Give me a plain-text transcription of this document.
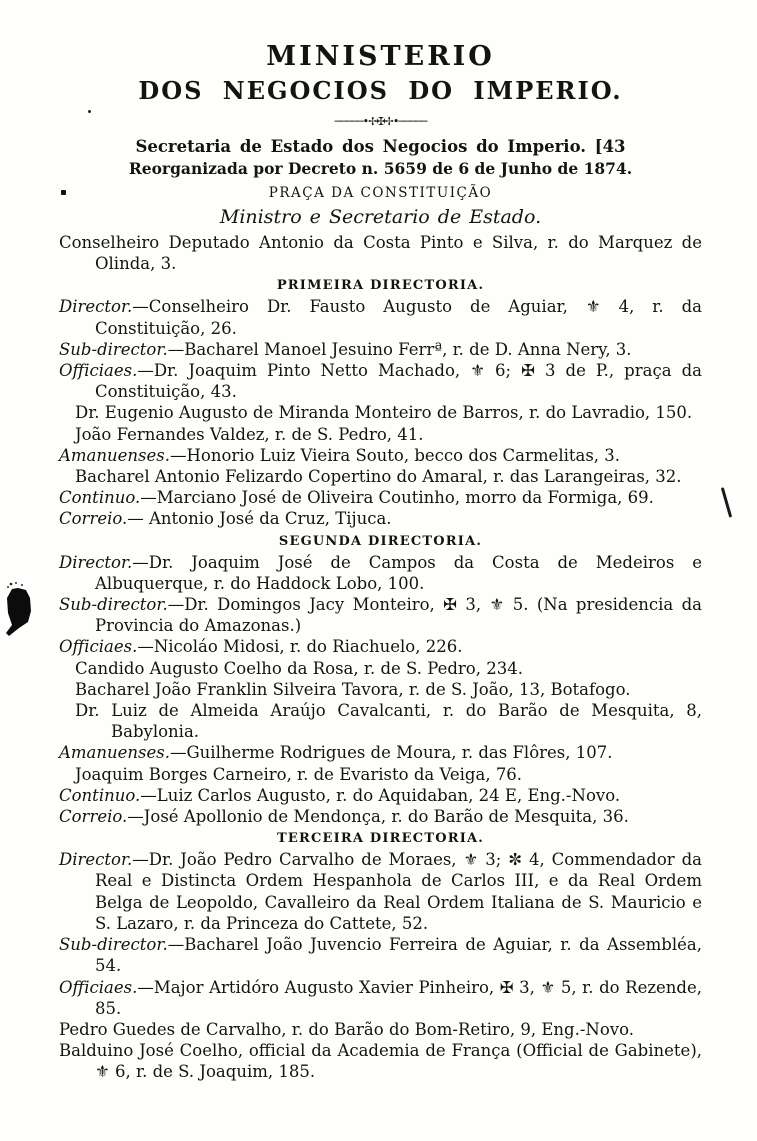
MINISTERIO
DOS NEGOCIOS DO IMPERIO.
─────•✢✠✢•─────
Secretaria de Estado dos Negocios do Imperio. [43
Reorganizada por Decreto n. 5659 de 6 de Junho de 1874.
PRAÇA DA CONSTITUIÇÃO
Ministro e Secretario de Estado.

Conselheiro Deputado Antonio da Costa Pinto e Silva, r. do Marquez de Olinda, 3.

PRIMEIRA DIRECTORIA.

Director.—Conselheiro Dr. Fausto Augusto de Aguiar, ⚜ 4, r. da Constituição, 26.

Sub-director.—Bacharel Manoel Jesuino Ferrª, r. de D. Anna Nery, 3.

Officiaes.—Dr. Joaquim Pinto Netto Machado, ⚜ 6; ✠ 3 de P., praça da Constituição, 43.

Dr. Eugenio Augusto de Miranda Monteiro de Barros, r. do Lavradio, 150.

João Fernandes Valdez, r. de S. Pedro, 41.

Amanuenses.—Honorio Luiz Vieira Souto, becco dos Carmelitas, 3.

Bacharel Antonio Felizardo Copertino do Amaral, r. das Larangeiras, 32.

Continuo.—Marciano José de Oliveira Coutinho, morro da Formiga, 69.

Correio.— Antonio José da Cruz, Tijuca.

SEGUNDA DIRECTORIA.

Director.—Dr. Joaquim José de Campos da Costa de Medeiros e Albuquerque, r. do Haddock Lobo, 100.

Sub-director.—Dr. Domingos Jacy Monteiro, ✠ 3, ⚜ 5. (Na presidencia da Provincia do Amazonas.)

Officiaes.—Nicoláo Midosi, r. do Riachuelo, 226.

Candido Augusto Coelho da Rosa, r. de S. Pedro, 234.

Bacharel João Franklin Silveira Tavora, r. de S. João, 13, Botafogo.

Dr. Luiz de Almeida Araújo Cavalcanti, r. do Barão de Mesquita, 8, Babylonia.

Amanuenses.—Guilherme Rodrigues de Moura, r. das Flôres, 107.

Joaquim Borges Carneiro, r. de Evaristo da Veiga, 76.

Continuo.—Luiz Carlos Augusto, r. do Aquidaban, 24 E, Eng.-Novo.

Correio.—José Apollonio de Mendonça, r. do Barão de Mesquita, 36.

TERCEIRA DIRECTORIA.

Director.—Dr. João Pedro Carvalho de Moraes, ⚜ 3; ✼ 4, Commendador da Real e Distincta Ordem Hespanhola de Carlos III, e da Real Ordem Belga de Leopoldo, Cavalleiro da Real Ordem Italiana de S. Mauricio e S. Lazaro, r. da Princeza do Cattete, 52.

Sub-director.—Bacharel João Juvencio Ferreira de Aguiar, r. da Assembléa, 54.

Officiaes.—Major Artidóro Augusto Xavier Pinheiro, ✠ 3, ⚜ 5, r. do Rezende, 85.

Pedro Guedes de Carvalho, r. do Barão do Bom-Retiro, 9, Eng.-Novo.

Balduino José Coelho, official da Academia de França (Official de Gabinete), ⚜ 6, r. de S. Joaquim, 185.
